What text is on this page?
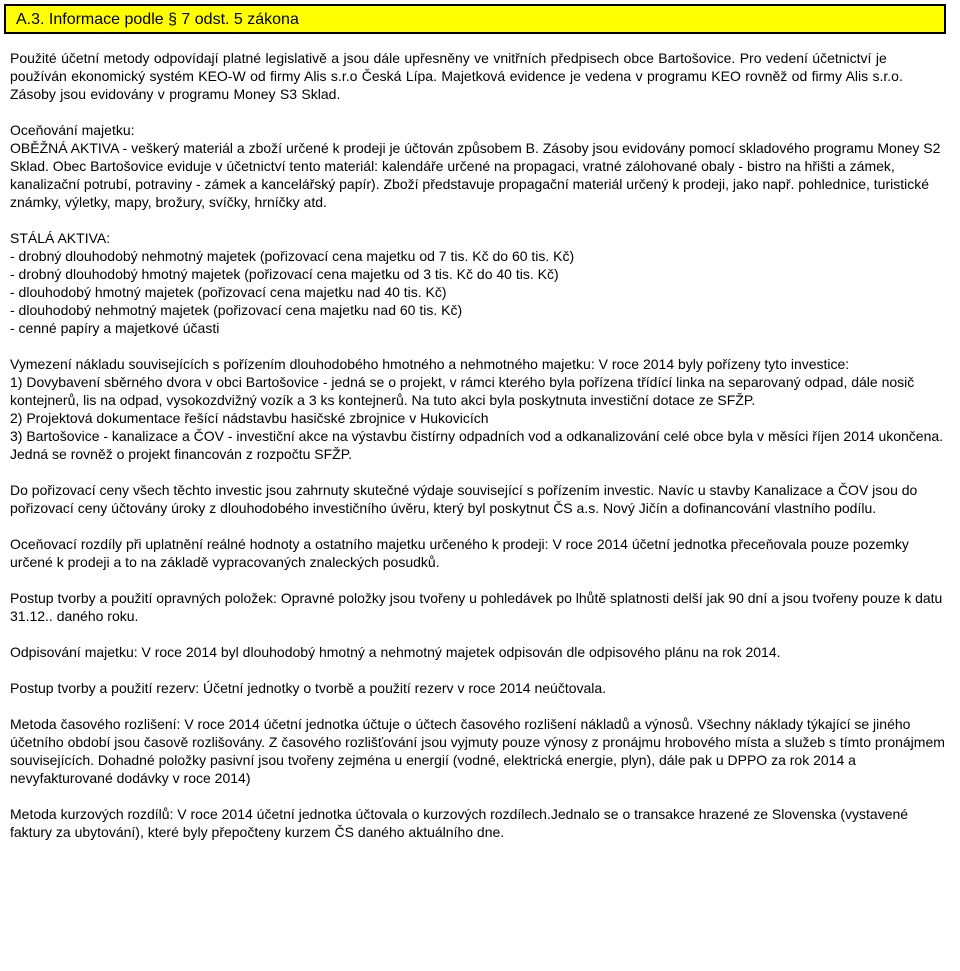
A.3. Informace podle § 7 odst. 5 zákona
Použité účetní metody odpovídají platné legislativě a jsou dále upřesněny ve vnitřních předpisech obce Bartošovice. Pro vedení účetnictví je používán ekonomický systém KEO-W od firmy Alis s.r.o Česká Lípa. Majetková evidence je vedena v programu KEO rovněž od firmy Alis s.r.o. Zásoby jsou evidovány v programu Money S3 Sklad.

Oceňování majetku:

OBĚŽNÁ AKTIVA - veškerý materiál a zboží určené k prodeji je účtován způsobem B. Zásoby jsou evidovány pomocí skladového programu Money S2 Sklad. Obec Bartošovice eviduje v účetnictví tento materiál: kalendáře určené na propagaci, vratné zálohované obaly - bistro na hřišti a zámek, kanalizační potrubí, potraviny - zámek a kancelářský papír). Zboží představuje propagační materiál určený k prodeji, jako např. pohlednice, turistické známky, výletky, mapy, brožury, svíčky, hrníčky atd.

STÁLÁ AKTIVA:

- drobný dlouhodobý nehmotný majetek (pořizovací cena majetku od 7 tis. Kč do 60 tis. Kč)

- drobný dlouhodobý hmotný majetek (pořizovací cena majetku od 3 tis. Kč do 40 tis. Kč)

- dlouhodobý hmotný majetek (pořizovací cena majetku nad 40 tis. Kč)

- dlouhodobý nehmotný majetek (pořizovací cena majetku nad 60 tis. Kč)

- cenné papíry a majetkové účasti

Vymezení nákladu souvisejících s pořízením dlouhodobého hmotného a nehmotného majetku: V roce 2014 byly pořízeny tyto investice:

1) Dovybavení sběrného dvora v obci Bartošovice - jedná se o projekt, v rámci kterého byla pořízena třídící linka na separovaný odpad, dále nosič kontejnerů, lis na odpad, vysokozdvižný vozík a 3 ks kontejnerů. Na tuto akci byla poskytnuta investiční dotace ze SFŽP.

2) Projektová dokumentace řešící nádstavbu hasičské zbrojnice v Hukovicích

3) Bartošovice - kanalizace a ČOV - investiční akce na výstavbu čistírny odpadních vod a odkanalizování celé obce byla v měsíci říjen 2014 ukončena. Jedná se rovněž o projekt financován z rozpočtu SFŽP.

Do pořizovací ceny všech těchto investic jsou zahrnuty skutečné výdaje související s pořízením investic. Navíc u stavby Kanalizace a ČOV jsou do pořizovací ceny účtovány úroky z dlouhodobého investičního úvěru, který byl poskytnut ČS a.s. Nový Jičín a dofinancování vlastního podílu.
Oceňovací rozdíly při uplatnění reálné hodnoty a ostatního majetku určeného k prodeji: V roce 2014 účetní jednotka přeceňovala pouze pozemky určené k prodeji a to na základě vypracovaných znaleckých posudků.
Postup tvorby a použití opravných položek: Opravné položky jsou tvořeny u pohledávek po lhůtě splatnosti delší jak 90 dní a jsou tvořeny pouze k datu 31.12.. daného roku.
Odpisování majetku: V roce 2014 byl dlouhodobý hmotný a nehmotný majetek odpisován dle odpisového plánu na rok 2014.
Postup tvorby a použití rezerv: Účetní jednotky o tvorbě a použití rezerv v roce 2014 neúčtovala.
Metoda časového rozlišení: V roce 2014 účetní jednotka účtuje o účtech časového rozlišení nákladů a výnosů. Všechny náklady týkající se jiného účetního období jsou časově rozlišovány. Z časového rozlišťování jsou vyjmuty pouze výnosy z pronájmu hrobového místa a služeb s tímto pronájmem souvisejících. Dohadné položky pasivní jsou tvořeny zejména u energií (vodné, elektrická energie, plyn), dále pak u DPPO za rok 2014 a nevyfakturované dodávky v roce 2014)
Metoda kurzových rozdílů: V roce 2014 účetní jednotka účtovala o kurzových rozdílech.Jednalo se o transakce hrazené ze Slovenska (vystavené faktury za ubytování), které byly přepočteny kurzem ČS daného aktuálního dne.
